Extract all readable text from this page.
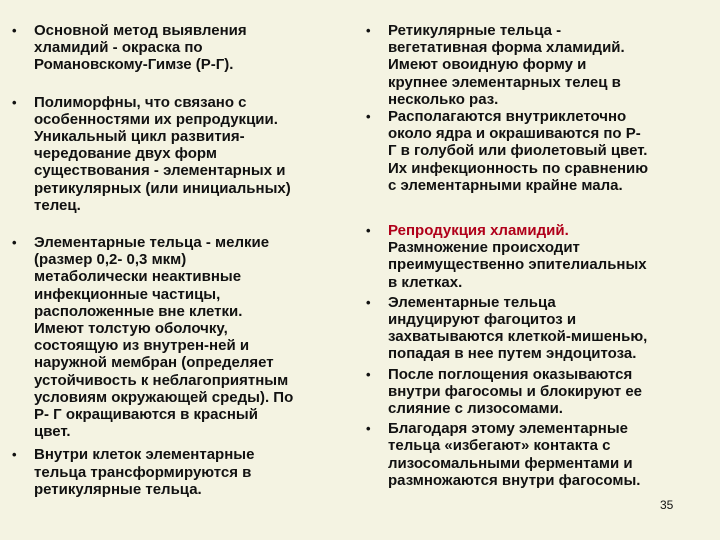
• Основной метод выявления
хламидий - окраска по
Романовскому-Гимзе (Р-Г).
• Полиморфны, что связано с
особенностями их репродукции.
Уникальный цикл развития-
чередование двух форм
существования - элементарных и
ретикулярных (или инициальных)
телец.
• Элементарные тельца - мелкие
(размер 0,2- 0,3 мкм)
метаболически неактивные
инфекционные частицы,
расположенные вне клетки.
Имеют толстую оболочку,
состоящую из внутрен-ней и
наружной мембран (определяет
устойчивость к неблагоприятным
условиям окружающей среды). По
Р- Г окращиваются в красный
цвет.
• Внутри клеток элементарные
тельца трансформируются в
ретикулярные тельца.
• Ретикулярные тельца -
вегетативная форма хламидий.
Имеют овоидную форму и
крупнее элементарных телец в
несколько раз.
• Располагаются внутриклеточно
около ядра и окрашиваются по Р-
Г в голубой или фиолетовый цвет.
Их инфекционность по сравнению
с элементарными крайне мала.
• Репродукция хламидий.
Размножение происходит
преимущественно эпителиальных
в клетках.
• Элементарные тельца
индуцируют фагоцитоз и
захватываются клеткой-мишенью,
попадая в нее путем эндоцитоза.
• После поглощения оказываются
внутри фагосомы и блокируют ее
слияние с лизосомами.
• Благодаря этому элементарные
тельца «избегают» контакта с
лизосомальными ферментами и
размножаются внутри фагосомы.
35
